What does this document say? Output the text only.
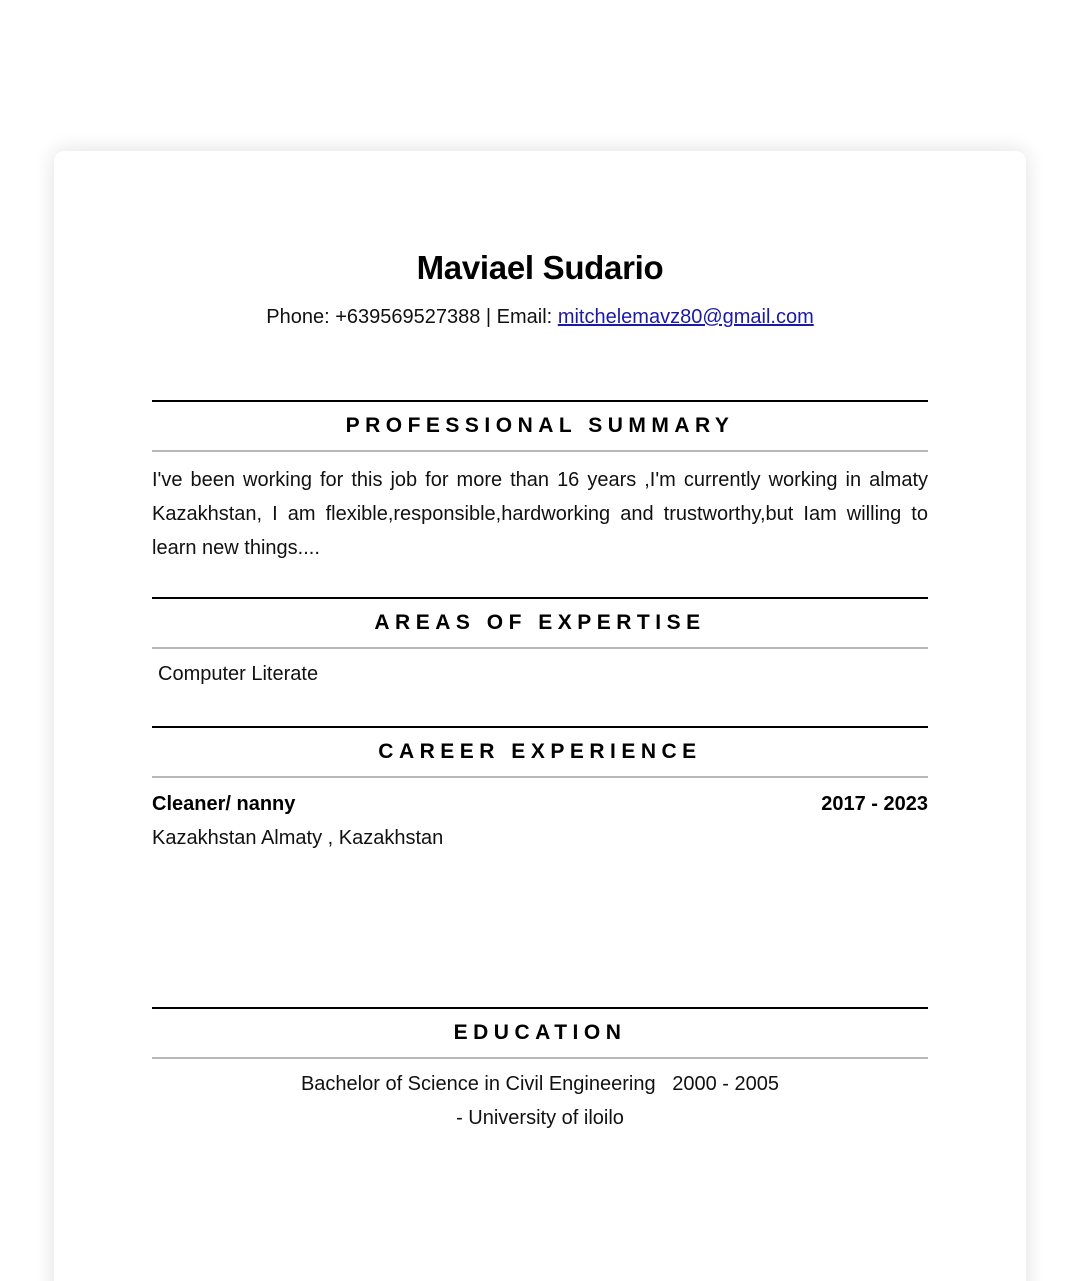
Maviael Sudario
Phone: +639569527388 | Email: mitchelemavz80@gmail.com
PROFESSIONAL SUMMARY
I've been working for this job for more than 16 years ,I'm currently working in almaty Kazakhstan, I am flexible,responsible,hardworking and trustworthy,but Iam willing to learn new things....
AREAS OF EXPERTISE
Computer Literate
CAREER EXPERIENCE
Cleaner/ nanny	2017 - 2023
Kazakhstan Almaty , Kazakhstan
EDUCATION
Bachelor of Science in Civil Engineering   2000 - 2005
- University of iloilo
